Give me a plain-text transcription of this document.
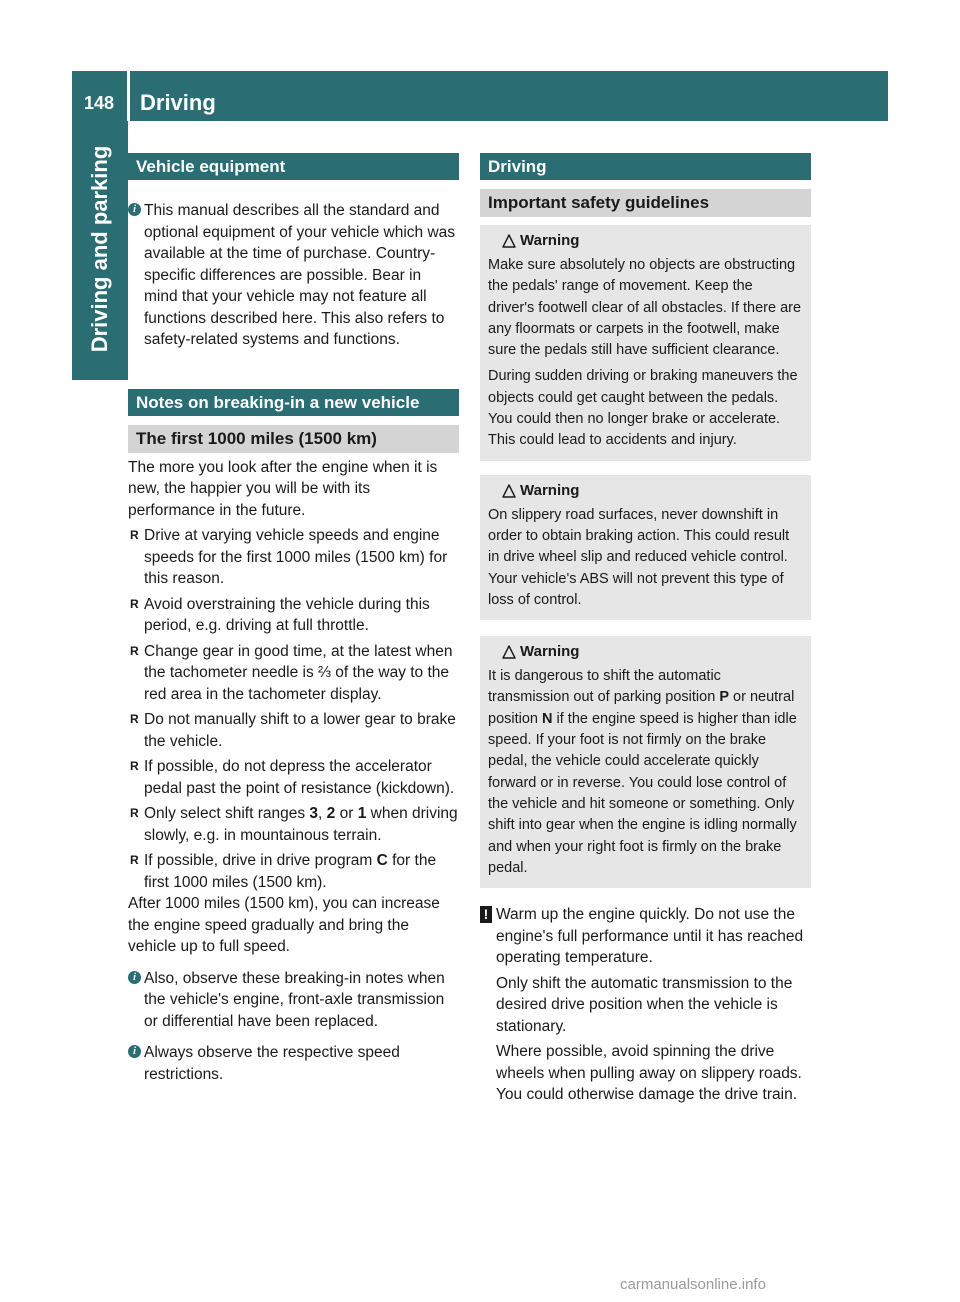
148 Driving
Driving and parking	Vehicle equipment

i This manual describes all the standard and optional equipment of your vehicle which was available at the time of purchase. Country-specific differences are possible. Bear in mind that your vehicle may not feature all functions described here. This also refers to safety-related systems and functions.

Notes on breaking-in a new vehicle
The first 1000 miles (1500 km)

The more you look after the engine when it is new, the happier you will be with its performance in the future.

R Drive at varying vehicle speeds and engine speeds for the first 1000 miles (1500 km) for this reason.
R Avoid overstraining the vehicle during this period, e.g. driving at full throttle.
R Change gear in good time, at the latest when the tachometer needle is ⅔ of the way to the red area in the tachometer display.
R Do not manually shift to a lower gear to brake the vehicle.
R If possible, do not depress the accelerator pedal past the point of resistance (kickdown).
R Only select shift ranges 3, 2 or 1 when driving slowly, e.g. in mountainous terrain.
R If possible, drive in drive program C for the first 1000 miles (1500 km).

After 1000 miles (1500 km), you can increase the engine speed gradually and bring the vehicle up to full speed.

i Also, observe these breaking-in notes when the vehicle's engine, front-axle transmission or differential have been replaced.

i Always observe the respective speed restrictions.

Driving
Important safety guidelines
Warning

Make sure absolutely no objects are obstructing the pedals' range of movement. Keep the driver's footwell clear of all obstacles. If there are any floormats or carpets in the footwell, make sure the pedals still have sufficient clearance.

During sudden driving or braking maneuvers the objects could get caught between the pedals. You could then no longer brake or accelerate. This could lead to accidents and injury.

Warning

On slippery road surfaces, never downshift in order to obtain braking action. This could result in drive wheel slip and reduced vehicle control. Your vehicle's ABS will not prevent this type of loss of control.

Warning

It is dangerous to shift the automatic transmission out of parking position P or neutral position N if the engine speed is higher than idle speed. If your foot is not firmly on the brake pedal, the vehicle could accelerate quickly forward or in reverse. You could lose control of the vehicle and hit someone or something. Only shift into gear when the engine is idling normally and when your right foot is firmly on the brake pedal.

! Warm up the engine quickly. Do not use the engine's full performance until it has reached operating temperature.

Only shift the automatic transmission to the desired drive position when the vehicle is stationary.

Where possible, avoid spinning the drive wheels when pulling away on slippery roads. You could otherwise damage the drive train.

carmanualsonline.info
